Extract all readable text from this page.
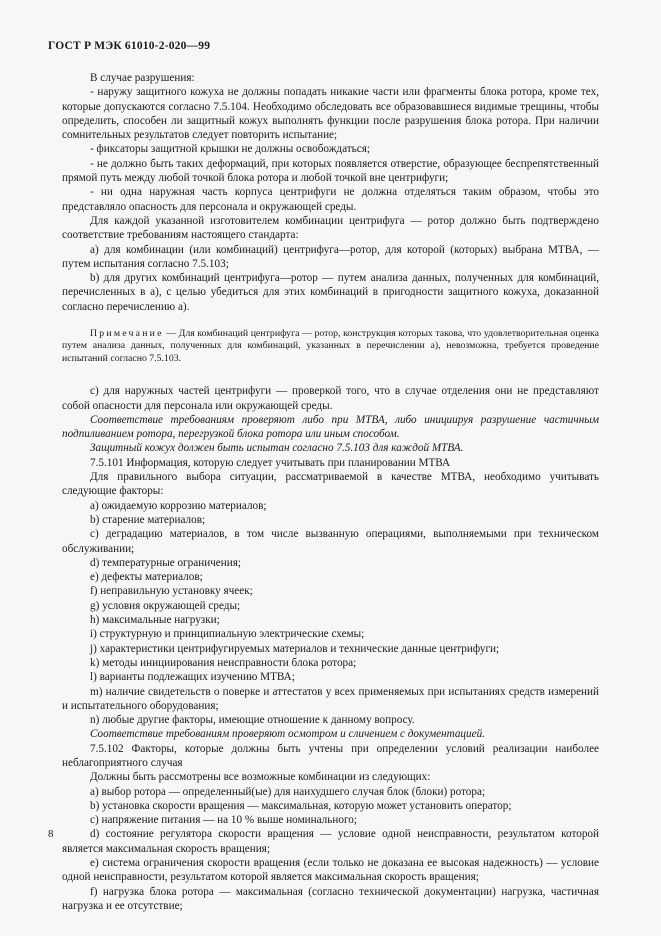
ГОСТ Р МЭК 61010-2-020—99

В случае разрушения:

- наружу защитного кожуха не должны попадать никакие части или фрагменты блока ротора, кроме тех, которые допускаются согласно 7.5.104. Необходимо обследовать все образовавшиеся видимые трещины, чтобы определить, способен ли защитный кожух выполнять функции после разрушения блока ротора. При наличии сомнительных результатов следует повторить испытание;

- фиксаторы защитной крышки не должны освобождаться;

- не должно быть таких деформаций, при которых появляется отверстие, образующее беспрепятственный прямой путь между любой точкой блока ротора и любой точкой вне центрифуги;

- ни одна наружная часть корпуса центрифуги не должна отделяться таким образом, чтобы это представляло опасность для персонала и окружающей среды.

Для каждой указанной изготовителем комбинации центрифуга — ротор должно быть подтверждено соответствие требованиям настоящего стандарта:

а) для комбинации (или комбинаций) центрифуга—ротор, для которой (которых) выбрана МТВА, — путем испытания согласно 7.5.103;

b) для других комбинаций центрифуга—ротор — путем анализа данных, полученных для комбинаций, перечисленных в а), с целью убедиться для этих комбинаций в пригодности защитного кожуха, доказанной согласно перечислению а).

Примечание — Для комбинаций центрифуга — ротор, конструкция которых такова, что удовлетворительная оценка путем анализа данных, полученных для комбинаций, указанных в перечислении а), невозможна, требуется проведение испытаний согласно 7.5.103.

с) для наружных частей центрифуги — проверкой того, что в случае отделения они не представляют собой опасности для персонала или окружающей среды.

Соответствие требованиям проверяют либо при МТВА, либо инициируя разрушение частичным подпиливанием ротора, перегрузкой блока ротора или иным способом.

Защитный кожух должен быть испытан согласно 7.5.103 для каждой МТВА.

7.5.101 Информация, которую следует учитывать при планировании МТВА

Для правильного выбора ситуации, рассматриваемой в качестве МТВА, необходимо учитывать следующие факторы:

а) ожидаемую коррозию материалов;

b) старение материалов;

с) деградацию материалов, в том числе вызванную операциями, выполняемыми при техническом обслуживании;

d) температурные ограничения;

е) дефекты материалов;

f) неправильную установку ячеек;

g) условия окружающей среды;

h) максимальные нагрузки;

i) структурную и принципиальную электрические схемы;

j) характеристики центрифугируемых материалов и технические данные центрифуги;

k) методы инициирования неисправности блока ротора;

l) варианты подлежащих изучению МТВА;

m) наличие свидетельств о поверке и аттестатов у всех применяемых при испытаниях средств измерений и испытательного оборудования;

n) любые другие факторы, имеющие отношение к данному вопросу.

Соответствие требованиям проверяют осмотром и сличением с документацией.

7.5.102 Факторы, которые должны быть учтены при определении условий реализации наиболее неблагоприятного случая

Должны быть рассмотрены все возможные комбинации из следующих:

а) выбор ротора — определенный(ые) для наихудшего случая блок (блоки) ротора;

b) установка скорости вращения — максимальная, которую может установить оператор;

с) напряжение питания — на 10 % выше номинального;

d) состояние регулятора скорости вращения — условие одной неисправности, результатом которой является максимальная скорость вращения;

е) система ограничения скорости вращения (если только не доказана ее высокая надежность) — условие одной неисправности, результатом которой является максимальная скорость вращения;

f) нагрузка блока ротора — максимальная (согласно технической документации) нагрузка, частичная нагрузка и ее отсутствие;

8
